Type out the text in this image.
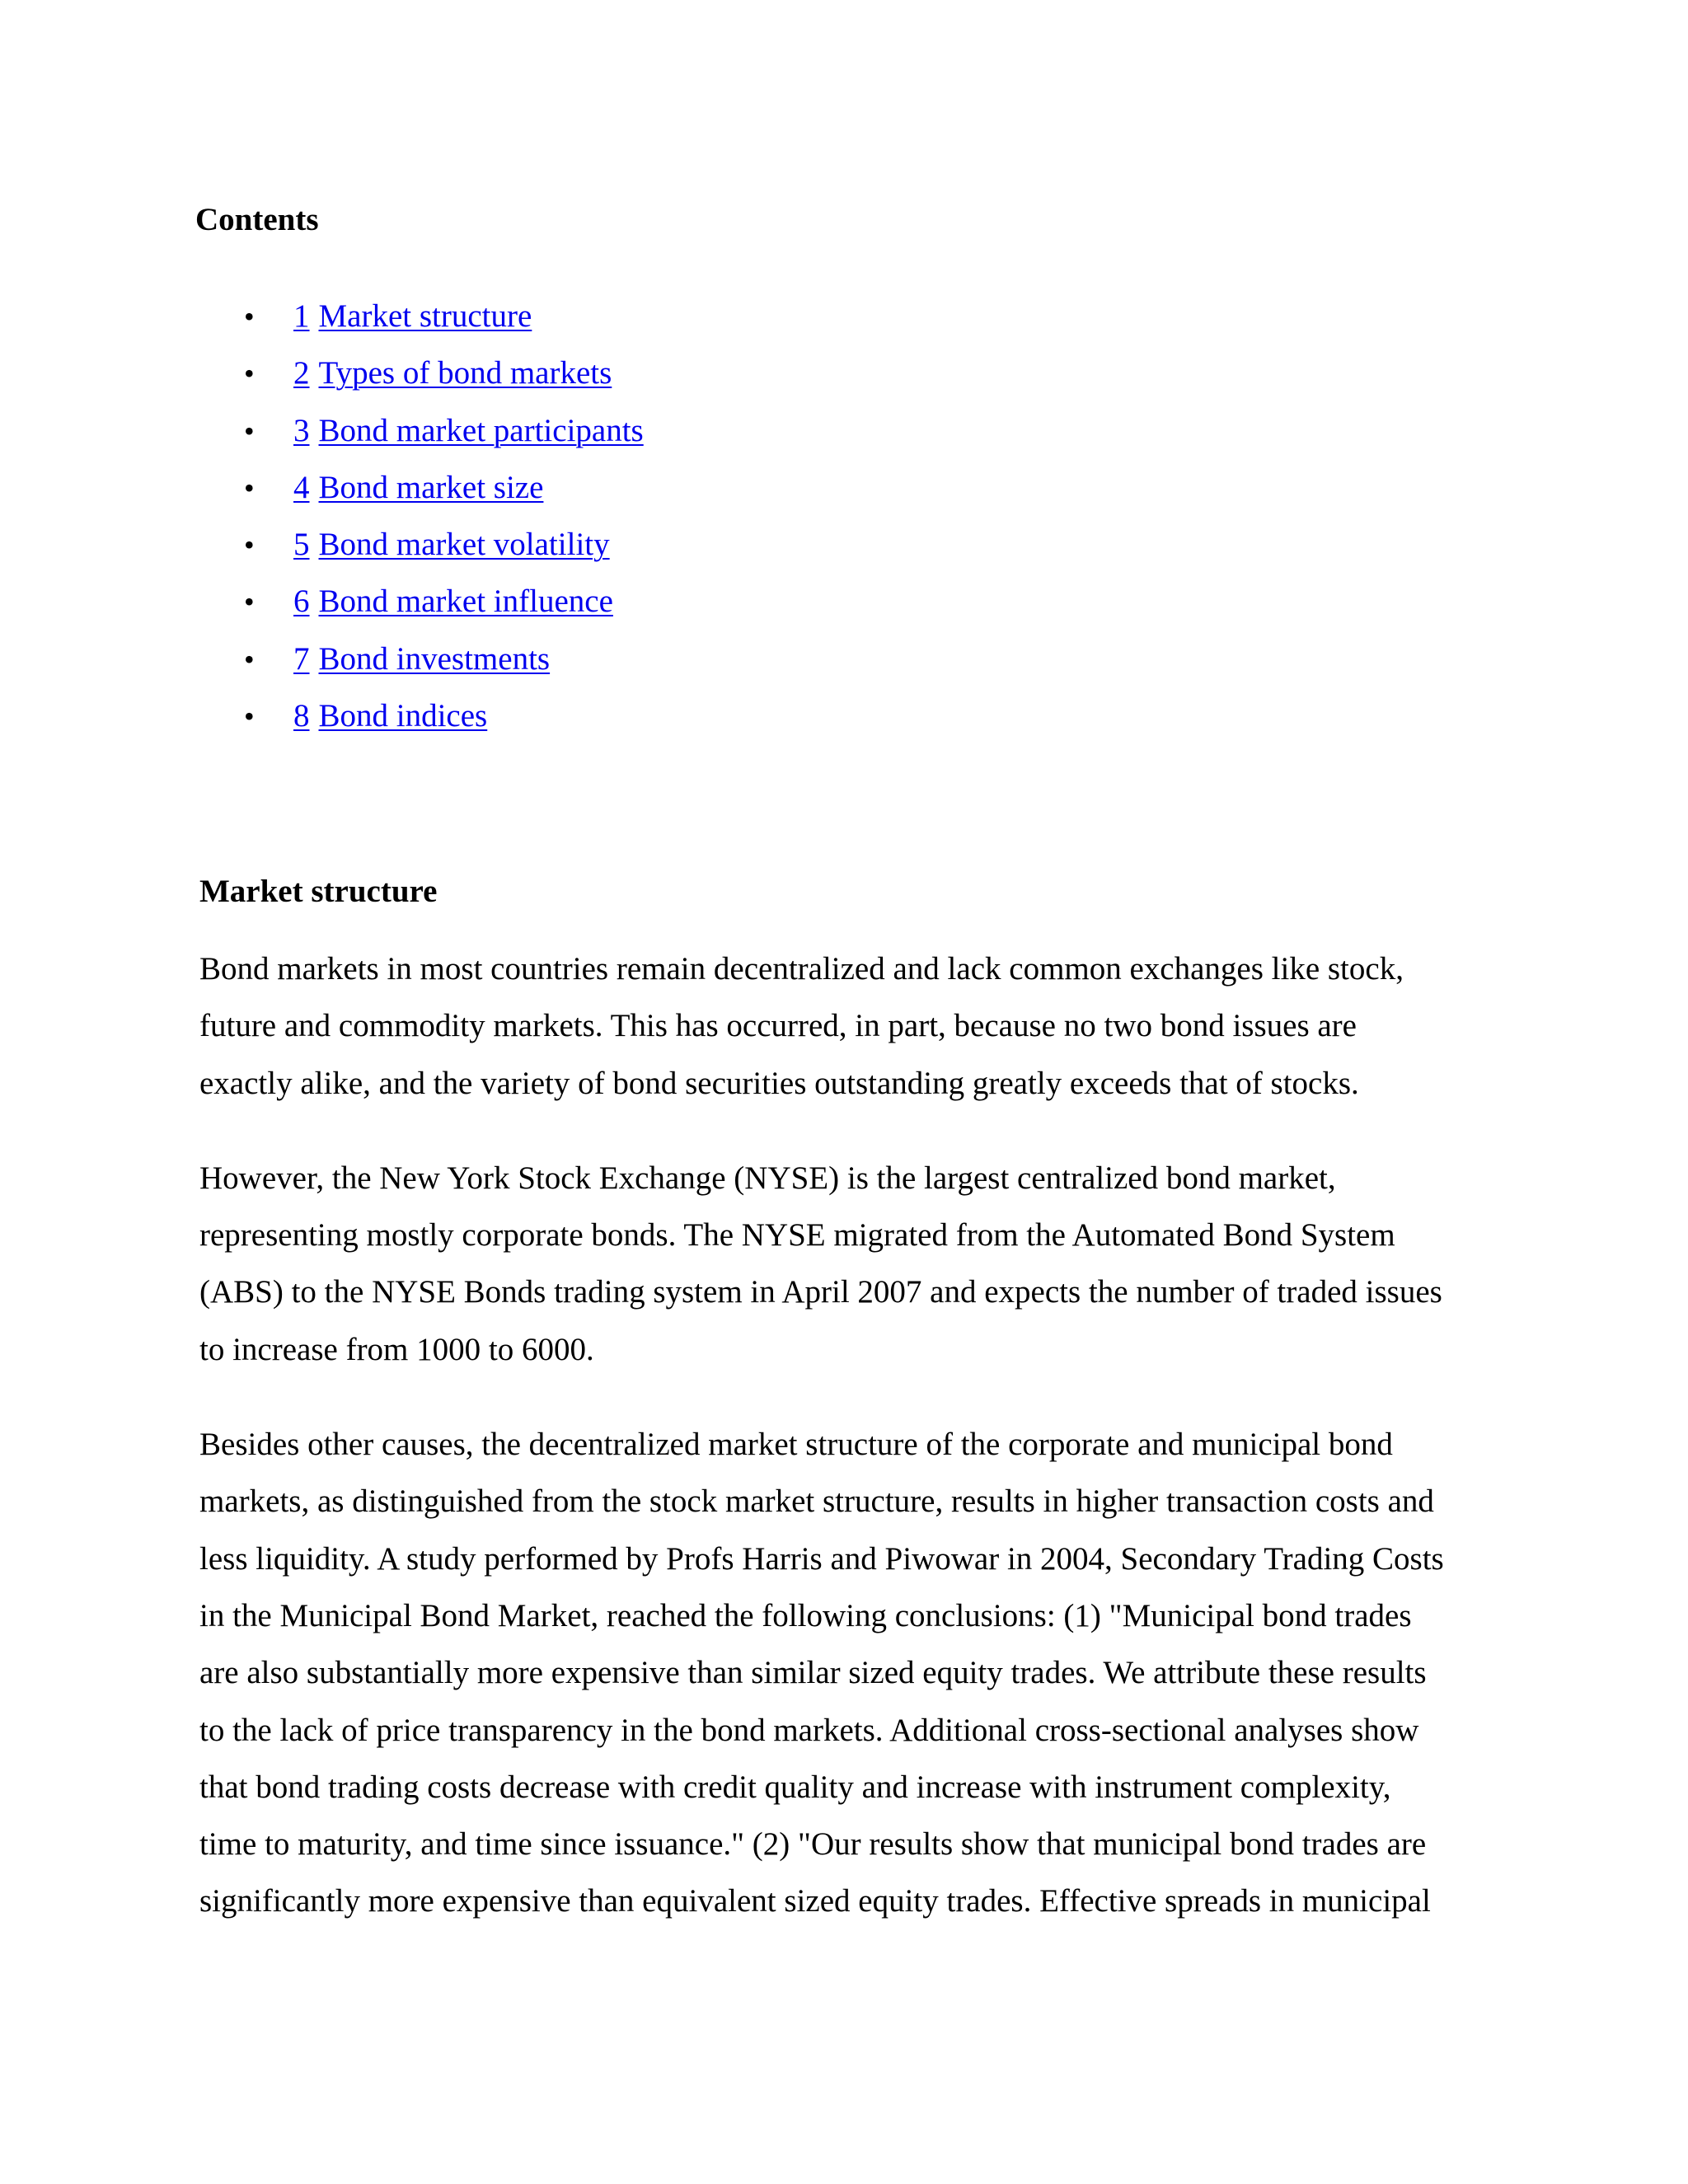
Contents
• 1 Market structure
• 2 Types of bond markets
• 3 Bond market participants
• 4 Bond market size
• 5 Bond market volatility
• 6 Bond market influence
• 7 Bond investments
• 8 Bond indices
Market structure

Bond markets in most countries remain decentralized and lack common exchanges like stock,
future and commodity markets. This has occurred, in part, because no two bond issues are
exactly alike, and the variety of bond securities outstanding greatly exceeds that of stocks.

However, the New York Stock Exchange (NYSE) is the largest centralized bond market,
representing mostly corporate bonds. The NYSE migrated from the Automated Bond System
(ABS) to the NYSE Bonds trading system in April 2007 and expects the number of traded issues
to increase from 1000 to 6000.

Besides other causes, the decentralized market structure of the corporate and municipal bond
markets, as distinguished from the stock market structure, results in higher transaction costs and
less liquidity. A study performed by Profs Harris and Piwowar in 2004, Secondary Trading Costs
in the Municipal Bond Market, reached the following conclusions: (1) "Municipal bond trades
are also substantially more expensive than similar sized equity trades. We attribute these results
to the lack of price transparency in the bond markets. Additional cross-sectional analyses show
that bond trading costs decrease with credit quality and increase with instrument complexity,
time to maturity, and time since issuance." (2) "Our results show that municipal bond trades are
significantly more expensive than equivalent sized equity trades. Effective spreads in municipal
